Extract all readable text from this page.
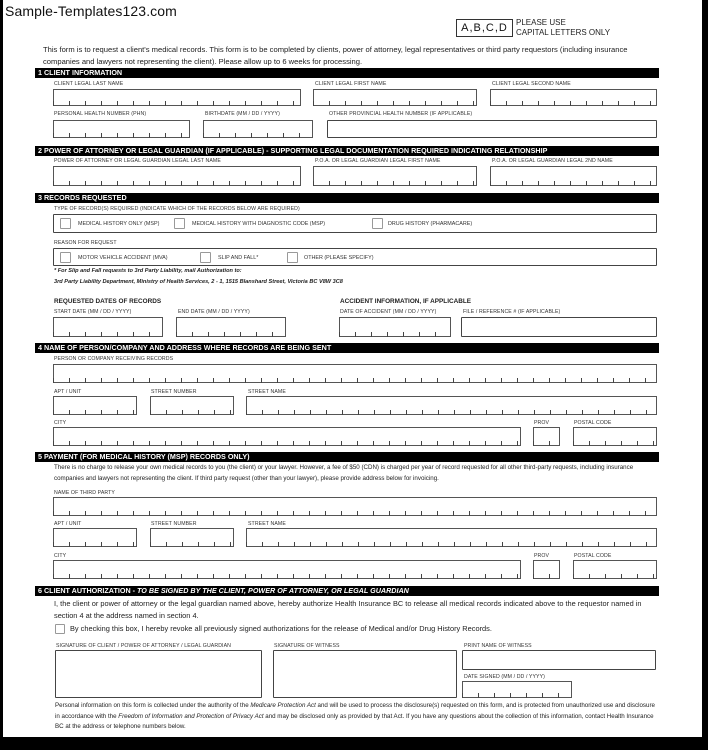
Sample-Templates123.com
A,B,C,D	PLEASE USE
CAPITAL LETTERS ONLY
This form is to request a client's medical records. This form is to be completed by clients, power of attorney, legal representatives or third party requestors (including insurance companies and lawyers not representing the client). Please allow up to 6 weeks for processing.
1 CLIENT INFORMATION
CLIENT LEGAL LAST NAME	CLIENT LEGAL FIRST NAME	CLIENT LEGAL SECOND NAME
PERSONAL HEALTH NUMBER (PHN)	BIRTHDATE (MM / DD / YYYY)	OTHER PROVINCIAL HEALTH NUMBER (IF APPLICABLE)
2 POWER OF ATTORNEY OR LEGAL GUARDIAN (IF APPLICABLE) - SUPPORTING LEGAL DOCUMENTATION REQUIRED INDICATING RELATIONSHIP
POWER OF ATTORNEY OR LEGAL GUARDIAN LEGAL LAST NAME	P.O.A. OR LEGAL GUARDIAN LEGAL FIRST NAME	P.O.A. OR LEGAL GUARDIAN LEGAL 2ND NAME
3 RECORDS REQUESTED
TYPE OF RECORD(S) REQUIRED (INDICATE WHICH OF THE RECORDS BELOW ARE REQUIRED)
MEDICAL HISTORY ONLY (MSP)	MEDICAL HISTORY WITH DIAGNOSTIC CODE (MSP)	DRUG HISTORY (PHARMACARE)
REASON FOR REQUEST
MOTOR VEHICLE ACCIDENT (MVA)	SLIP AND FALL*	OTHER (PLEASE SPECIFY)
* For Slip and Fall requests to 3rd Party Liability, mail Authorization to:
3rd Party Liability Department, Ministry of Health Services, 2 - 1, 1515 Blanshard Street, Victoria BC V8W 3C8
REQUESTED DATES OF RECORDS	ACCIDENT INFORMATION, IF APPLICABLE
START DATE (MM / DD / YYYY)	END DATE (MM / DD / YYYY)	DATE OF ACCIDENT (MM / DD / YYYY)	FILE / REFERENCE # (IF APPLICABLE)
4 NAME OF PERSON/COMPANY AND ADDRESS WHERE RECORDS ARE BEING SENT
PERSON OR COMPANY RECEIVING RECORDS
APT / UNIT	STREET NUMBER	STREET NAME
CITY	PROV	POSTAL CODE
5 PAYMENT (FOR MEDICAL HISTORY (MSP) RECORDS ONLY)
There is no charge to release your own medical records to you (the client) or your lawyer. However, a fee of $50 (CDN) is charged per year of record requested for all other third-party requests, including insurance companies and lawyers not representing the client. If third party request (other than your lawyer), please provide address below for invoicing.
NAME OF THIRD PARTY
APT / UNIT	STREET NUMBER	STREET NAME
CITY	PROV	POSTAL CODE
6 CLIENT AUTHORIZATION - TO BE SIGNED BY THE CLIENT, POWER OF ATTORNEY, OR LEGAL GUARDIAN
I, the client or power of attorney or the legal guardian named above, hereby authorize Health Insurance BC to release all medical records indicated above to the requestor named in section 4 at the address named in section 4.
By checking this box, I hereby revoke all previously signed authorizations for the release of Medical and/or Drug History Records.
SIGNATURE OF CLIENT / POWER OF ATTORNEY / LEGAL GUARDIAN	SIGNATURE OF WITNESS	PRINT NAME OF WITNESS
DATE SIGNED (MM / DD / YYYY)
Personal information on this form is collected under the authority of the Medicare Protection Act and will be used to process the disclosure(s) requested on this form, and is protected from unauthorized use and disclosure in accordance with the Freedom of Information and Protection of Privacy Act and may be disclosed only as provided by that Act. If you have any questions about the collection of this information, contact Health Insurance BC at the address or telephone numbers below.
